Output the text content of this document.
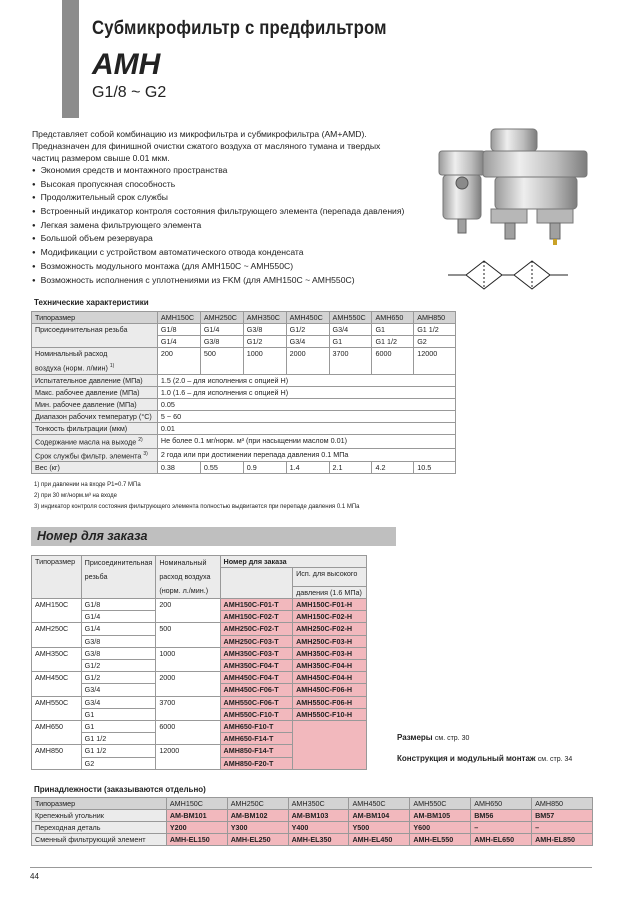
Субмикрофильтр с предфильтром
AMH
G1/8 ~ G2
Представляет собой комбинацию из микрофильтра и субмикрофильтра (AM+AMD). Предназначен для финишной очистки сжатого воздуха от масляного тумана и твердых частиц размером свыше 0.01 мкм.
● Экономия средств и монтажного пространства
● Высокая пропускная способность
● Продолжительный срок службы
● Встроенный индикатор контроля состояния фильтрующего элемента (перепада давления)
● Легкая замена фильтрующего элемента
● Большой объем резервуара
● Модификации с устройством автоматического отвода конденсата
● Возможность модульного монтажа (для AMH150C ~ AMH550C)
● Возможность исполнения с уплотнениями из FKM (для AMH150C ~ AMH550C)
Технические характеристики
Типоразмер	AMH150C	AMH250C	AMH350C	AMH450C	AMH550C	AMH650	AMH850
Присоединительная резьба	G1/8	G1/4	G3/8	G1/2	G3/4	G1	G1 1/2
	G1/4	G3/8	G1/2	G3/4	G1	G1 1/2	G2
Номинальный расход
воздуха (норм. л/мин) $^{1)}$	200	500	1000	2000	3700	6000	12000
Испытательное давление (МПа)	1.5 (2.0 – для исполнения с опцией H)						
Макс. рабочее давление (МПа)	1.0 (1.6 – для исполнения с опцией H)						
Мин. рабочее давление (МПа)	0.05						
Диапазон рабочих температур (°C)	5 ~ 60						
Тонкость фильтрации (мкм)	0.01						
Содержание масла на выходе $^{2)}$	Не более 0.1 мг/норм. м³ (при насыщении маслом 0.01)						
Срок службы фильтр. элемента $^{3)}$	2 года или при достижении перепада давления 0.1 МПа						
Вес (кг)	0.38	0.55	0.9	1.4	2.1	4.2	10.5
1) при давлении на входе P1=0.7 МПа
2) при 30 мг/норм.м³ на входе
3) индикатор контроля состояния фильтрующего элемента полностью выдвигается при перепаде давления 0.1 МПа
Номер для заказа
Типоразмер	Присоединительная
резьба	Номинальный
расход воздуха
(норм. л./мин.)	Номер для заказа	
				Исп. для высокого
				давления (1.6 МПа)
AMH150C	G1/8	200	AMH150C-F01-T	AMH150C-F01-H
	G1/4		AMH150C-F02-T	AMH150C-F02-H
AMH250C	G1/4	500	AMH250C-F02-T	AMH250C-F02-H
	G3/8		AMH250C-F03-T	AMH250C-F03-H
AMH350C	G3/8	1000	AMH350C-F03-T	AMH350C-F03-H
	G1/2		AMH350C-F04-T	AMH350C-F04-H
AMH450C	G1/2	2000	AMH450C-F04-T	AMH450C-F04-H
	G3/4		AMH450C-F06-T	AMH450C-F06-H
AMH550C	G3/4	3700	AMH550C-F06-T	AMH550C-F06-H
	G1		AMH550C-F10-T	AMH550C-F10-H
AMH650	G1	6000	AMH650-F10-T	
	G1 1/2		AMH650-F14-T	
AMH850	G1 1/2	12000	AMH850-F14-T	
	G2		AMH850-F20-T	
Размеры см. стр. 30
Конструкция и модульный монтаж см. стр. 34
Принадлежности (заказываются отдельно)
Типоразмер	AMH150C	AMH250C	AMH350C	AMH450C	AMH550C	AMH650	AMH850
Крепежный угольник	AM-BM101	AM-BM102	AM-BM103	AM-BM104	AM-BM105	BM56	BM57
Переходная деталь	Y200	Y300	Y400	Y500	Y600	–	–
Сменный фильтрующий элемент	AMH-EL150	AMH-EL250	AMH-EL350	AMH-EL450	AMH-EL550	AMH-EL650	AMH-EL850
44
